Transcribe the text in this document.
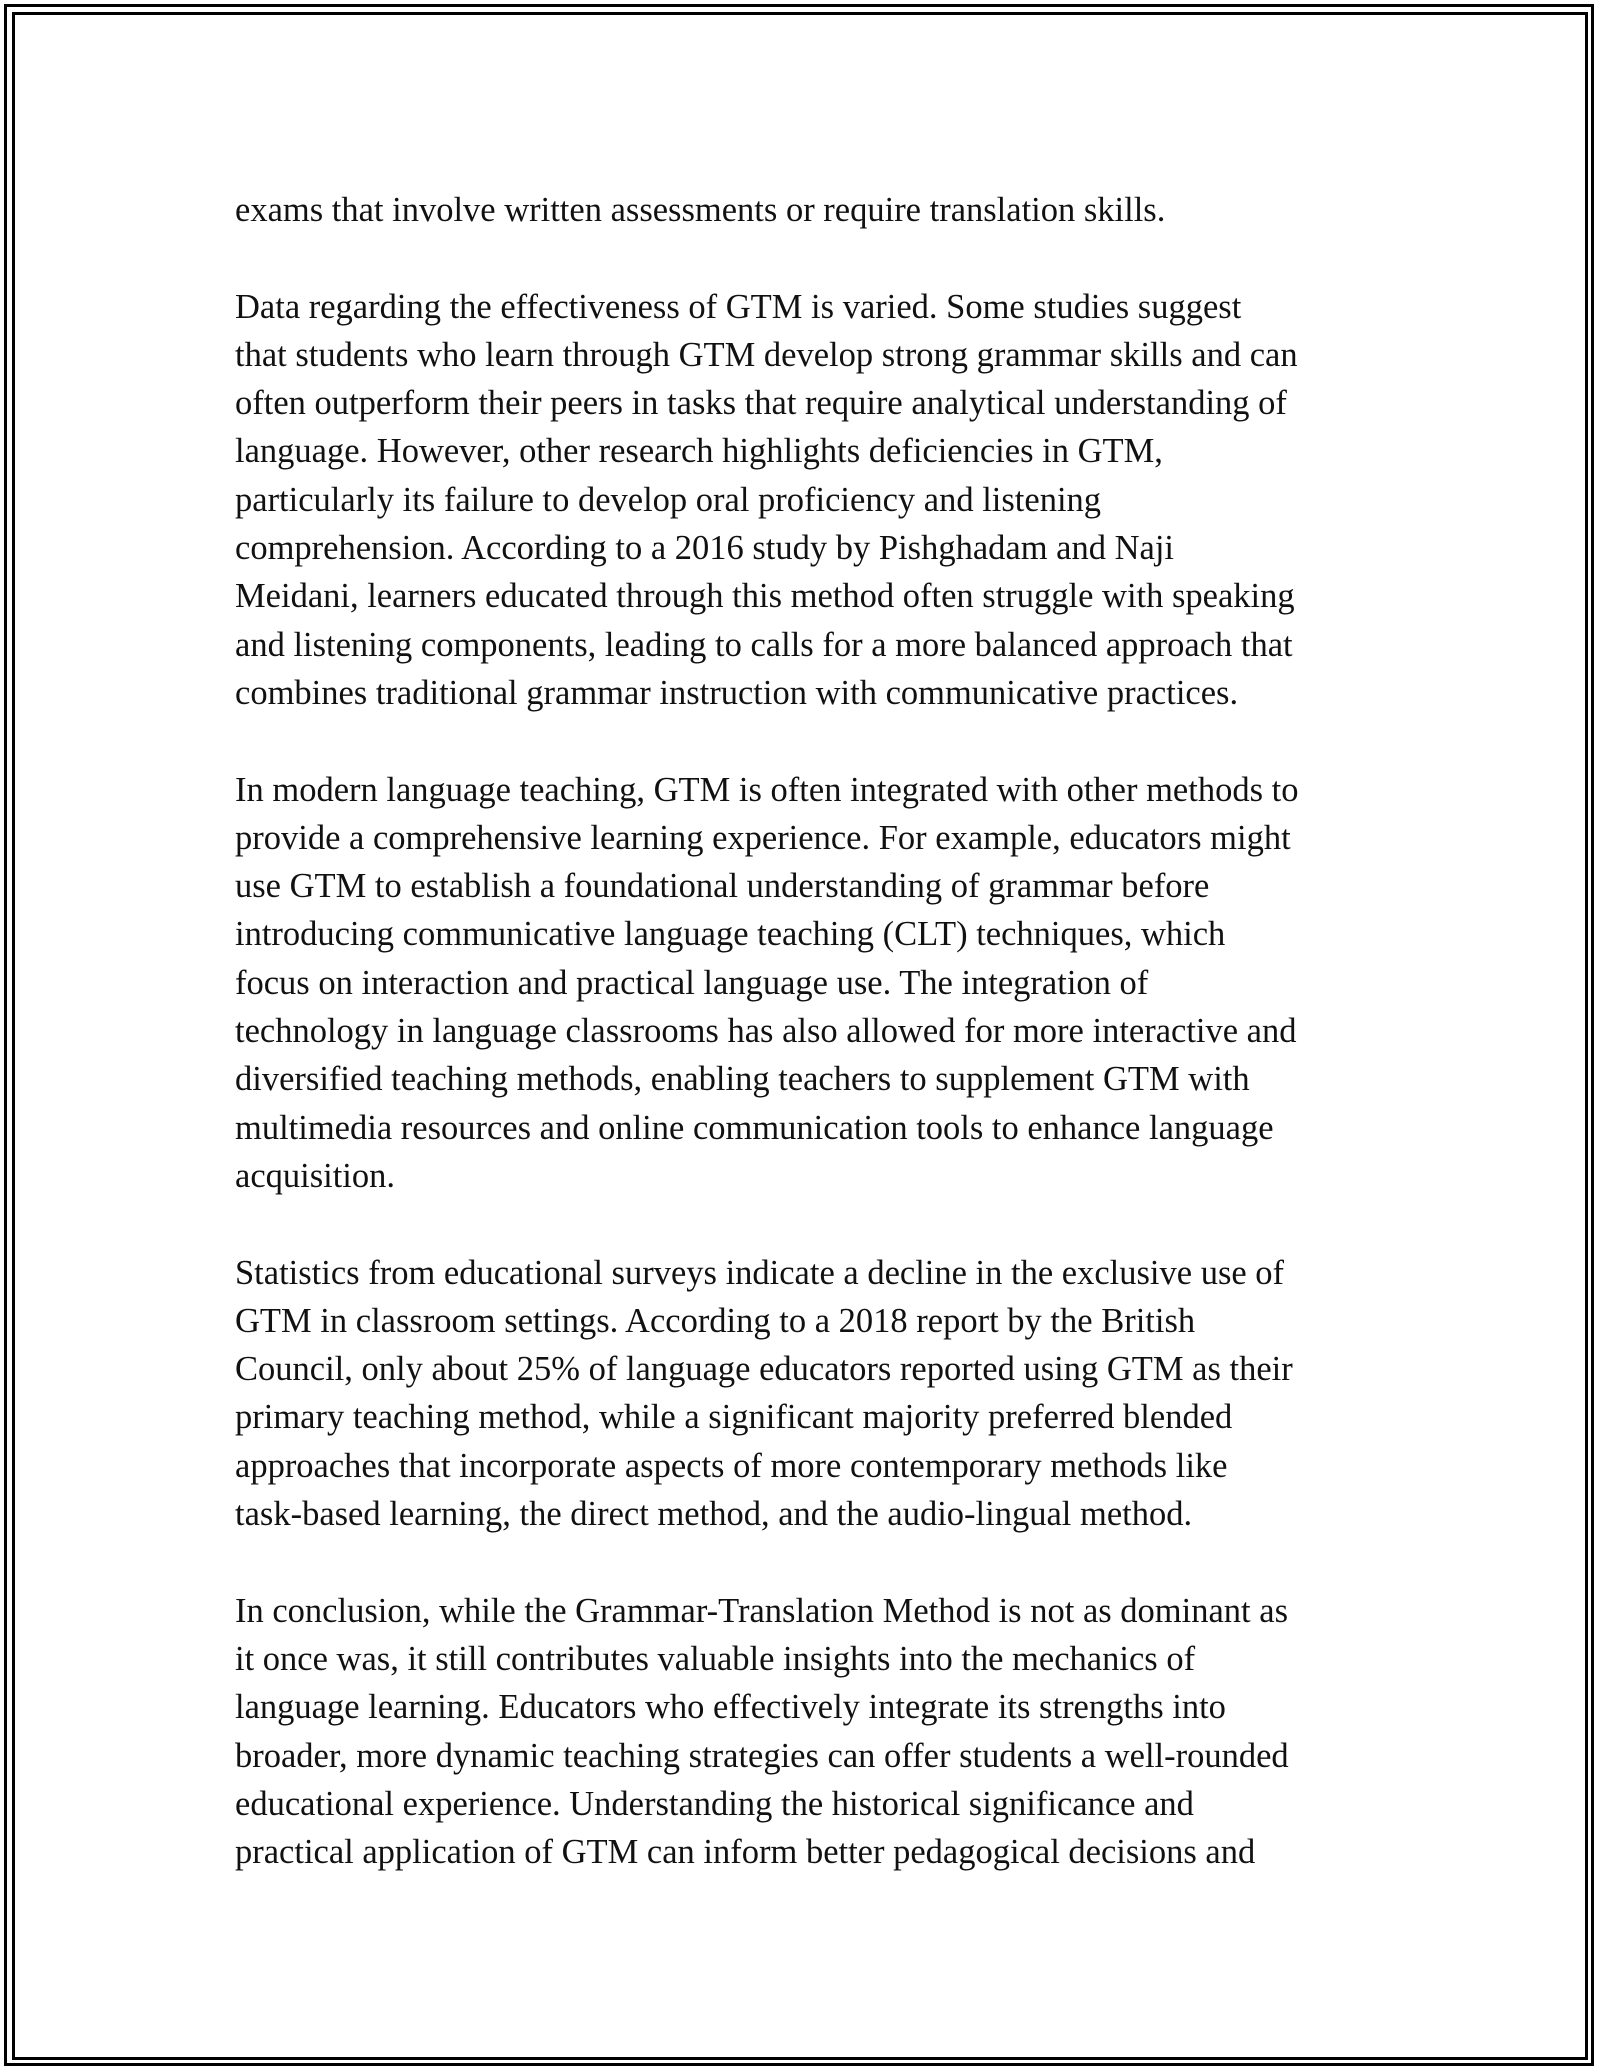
exams that involve written assessments or require translation skills.

Data regarding the effectiveness of GTM is varied. Some studies suggest
that students who learn through GTM develop strong grammar skills and can
often outperform their peers in tasks that require analytical understanding of
language. However, other research highlights deficiencies in GTM,
particularly its failure to develop oral proficiency and listening
comprehension. According to a 2016 study by Pishghadam and Naji
Meidani, learners educated through this method often struggle with speaking
and listening components, leading to calls for a more balanced approach that
combines traditional grammar instruction with communicative practices.

In modern language teaching, GTM is often integrated with other methods to
provide a comprehensive learning experience. For example, educators might
use GTM to establish a foundational understanding of grammar before
introducing communicative language teaching (CLT) techniques, which
focus on interaction and practical language use. The integration of
technology in language classrooms has also allowed for more interactive and
diversified teaching methods, enabling teachers to supplement GTM with
multimedia resources and online communication tools to enhance language
acquisition.

Statistics from educational surveys indicate a decline in the exclusive use of
GTM in classroom settings. According to a 2018 report by the British
Council, only about 25% of language educators reported using GTM as their
primary teaching method, while a significant majority preferred blended
approaches that incorporate aspects of more contemporary methods like
task-based learning, the direct method, and the audio-lingual method.

In conclusion, while the Grammar-Translation Method is not as dominant as
it once was, it still contributes valuable insights into the mechanics of
language learning. Educators who effectively integrate its strengths into
broader, more dynamic teaching strategies can offer students a well-rounded
educational experience. Understanding the historical significance and
practical application of GTM can inform better pedagogical decisions and
